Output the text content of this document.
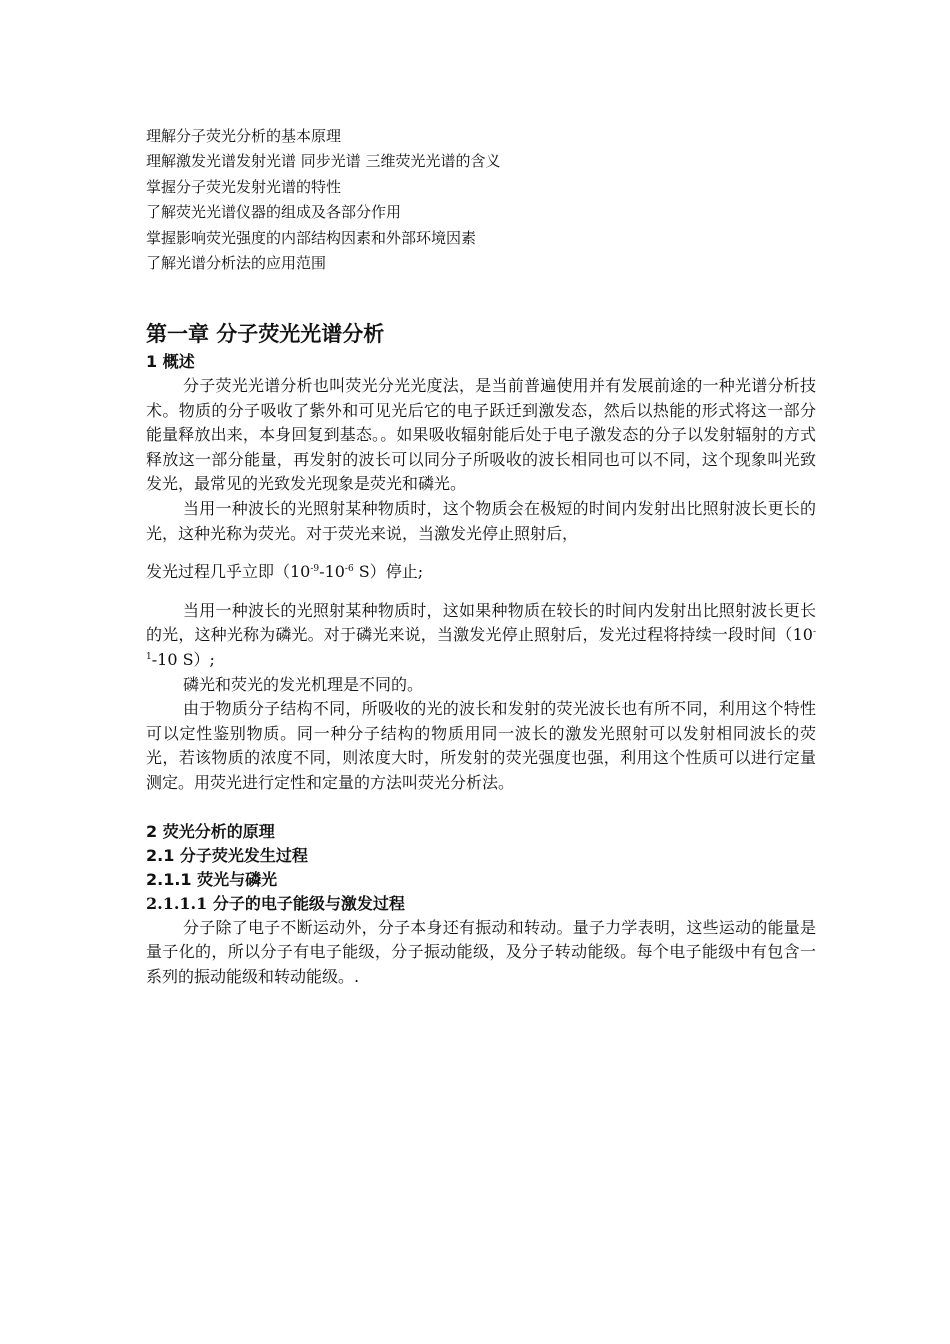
理解分子荧光分析的基本原理

理解激发光谱发射光谱 同步光谱 三维荧光光谱的含义

掌握分子荧光发射光谱的特性

了解荧光光谱仪器的组成及各部分作用

掌握影响荧光强度的内部结构因素和外部环境因素

了解光谱分析法的应用范围

第一章 分子荧光光谱分析
1 概述

分子荧光光谱分析也叫荧光分光光度法，是当前普遍使用并有发展前途的一种光谱分析技术。物质的分子吸收了紫外和可见光后它的电子跃迁到激发态，然后以热能的形式将这一部分能量释放出来，本身回复到基态。。如果吸收辐射能后处于电子激发态的分子以发射辐射的方式释放这一部分能量，再发射的波长可以同分子所吸收的波长相同也可以不同，这个现象叫光致发光，最常见的光致发光现象是荧光和磷光。

当用一种波长的光照射某种物质时，这个物质会在极短的时间内发射出比照射波长更长的光，这种光称为荧光。对于荧光来说，当激发光停止照射后，

发光过程几乎立即（$10^{-9}-10^{-6}$ S）停止;

当用一种波长的光照射某种物质时，这如果种物质在较长的时间内发射出比照射波长更长的光，这种光称为磷光。对于磷光来说，当激发光停止照射后，发光过程将持续一段时间（$10^{-1}-10$ S）;

磷光和荧光的发光机理是不同的。

由于物质分子结构不同，所吸收的光的波长和发射的荧光波长也有所不同，利用这个特性可以定性鉴别物质。同一种分子结构的物质用同一波长的激发光照射可以发射相同波长的荧光，若该物质的浓度不同，则浓度大时，所发射的荧光强度也强，利用这个性质可以进行定量测定。用荧光进行定性和定量的方法叫荧光分析法。

2 荧光分析的原理
2.1 分子荧光发生过程
2.1.1 荧光与磷光
2.1.1.1 分子的电子能级与激发过程

分子除了电子不断运动外，分子本身还有振动和转动。量子力学表明，这些运动的能量是量子化的，所以分子有电子能级，分子振动能级，及分子转动能级。每个电子能级中有包含一系列的振动能级和转动能级。.
